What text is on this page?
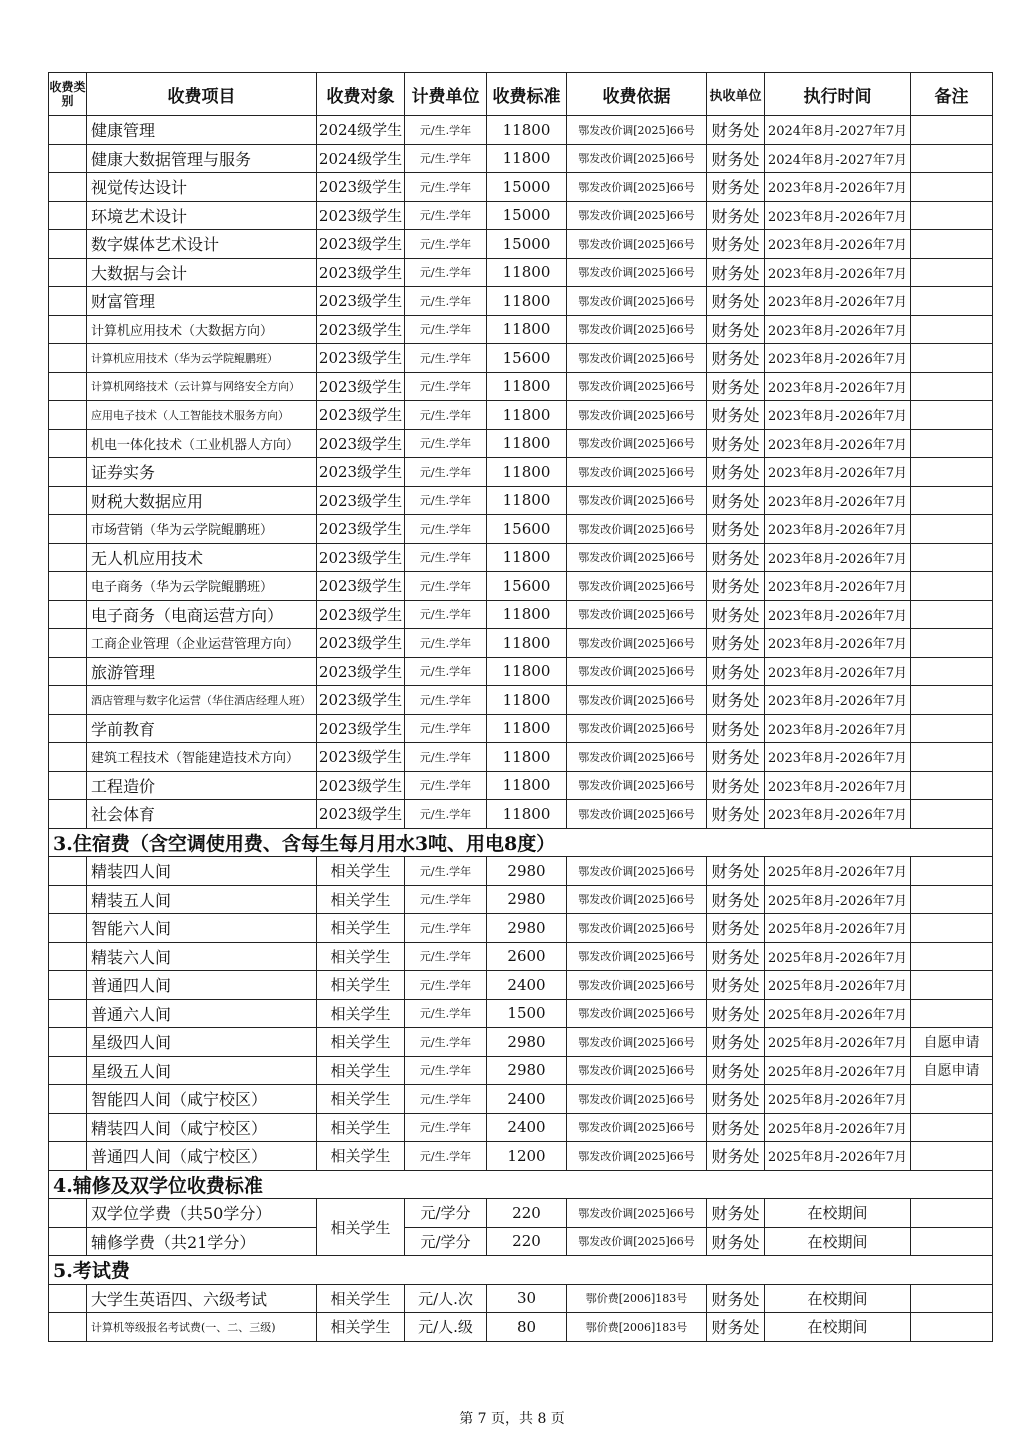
收费类别	收费项目	收费对象	计费单位	收费标准	收费依据	执收单位	执行时间	备注
	健康管理	2024级学生	元/生.学年	11800	鄂发改价调[2025]66号	财务处	2024年8月-2027年7月	
	健康大数据管理与服务	2024级学生	元/生.学年	11800	鄂发改价调[2025]66号	财务处	2024年8月-2027年7月	
	视觉传达设计	2023级学生	元/生.学年	15000	鄂发改价调[2025]66号	财务处	2023年8月-2026年7月	
	环境艺术设计	2023级学生	元/生.学年	15000	鄂发改价调[2025]66号	财务处	2023年8月-2026年7月	
	数字媒体艺术设计	2023级学生	元/生.学年	15000	鄂发改价调[2025]66号	财务处	2023年8月-2026年7月	
	大数据与会计	2023级学生	元/生.学年	11800	鄂发改价调[2025]66号	财务处	2023年8月-2026年7月	
	财富管理	2023级学生	元/生.学年	11800	鄂发改价调[2025]66号	财务处	2023年8月-2026年7月	
	计算机应用技术（大数据方向）	2023级学生	元/生.学年	11800	鄂发改价调[2025]66号	财务处	2023年8月-2026年7月	
	计算机应用技术（华为云学院鲲鹏班）	2023级学生	元/生.学年	15600	鄂发改价调[2025]66号	财务处	2023年8月-2026年7月	
	计算机网络技术（云计算与网络安全方向）	2023级学生	元/生.学年	11800	鄂发改价调[2025]66号	财务处	2023年8月-2026年7月	
	应用电子技术（人工智能技术服务方向）	2023级学生	元/生.学年	11800	鄂发改价调[2025]66号	财务处	2023年8月-2026年7月	
	机电一体化技术（工业机器人方向）	2023级学生	元/生.学年	11800	鄂发改价调[2025]66号	财务处	2023年8月-2026年7月	
	证券实务	2023级学生	元/生.学年	11800	鄂发改价调[2025]66号	财务处	2023年8月-2026年7月	
	财税大数据应用	2023级学生	元/生.学年	11800	鄂发改价调[2025]66号	财务处	2023年8月-2026年7月	
	市场营销（华为云学院鲲鹏班）	2023级学生	元/生.学年	15600	鄂发改价调[2025]66号	财务处	2023年8月-2026年7月	
	无人机应用技术	2023级学生	元/生.学年	11800	鄂发改价调[2025]66号	财务处	2023年8月-2026年7月	
	电子商务（华为云学院鲲鹏班）	2023级学生	元/生.学年	15600	鄂发改价调[2025]66号	财务处	2023年8月-2026年7月	
	电子商务（电商运营方向）	2023级学生	元/生.学年	11800	鄂发改价调[2025]66号	财务处	2023年8月-2026年7月	
	工商企业管理（企业运营管理方向）	2023级学生	元/生.学年	11800	鄂发改价调[2025]66号	财务处	2023年8月-2026年7月	
	旅游管理	2023级学生	元/生.学年	11800	鄂发改价调[2025]66号	财务处	2023年8月-2026年7月	
	酒店管理与数字化运营（华住酒店经理人班）	2023级学生	元/生.学年	11800	鄂发改价调[2025]66号	财务处	2023年8月-2026年7月	
	学前教育	2023级学生	元/生.学年	11800	鄂发改价调[2025]66号	财务处	2023年8月-2026年7月	
	建筑工程技术（智能建造技术方向）	2023级学生	元/生.学年	11800	鄂发改价调[2025]66号	财务处	2023年8月-2026年7月	
	工程造价	2023级学生	元/生.学年	11800	鄂发改价调[2025]66号	财务处	2023年8月-2026年7月	
	社会体育	2023级学生	元/生.学年	11800	鄂发改价调[2025]66号	财务处	2023年8月-2026年7月	
3.住宿费（含空调使用费、含每生每月用水3吨、用电8度）								
	精装四人间	相关学生	元/生.学年	2980	鄂发改价调[2025]66号	财务处	2025年8月-2026年7月	
	精装五人间	相关学生	元/生.学年	2980	鄂发改价调[2025]66号	财务处	2025年8月-2026年7月	
	智能六人间	相关学生	元/生.学年	2980	鄂发改价调[2025]66号	财务处	2025年8月-2026年7月	
	精装六人间	相关学生	元/生.学年	2600	鄂发改价调[2025]66号	财务处	2025年8月-2026年7月	
	普通四人间	相关学生	元/生.学年	2400	鄂发改价调[2025]66号	财务处	2025年8月-2026年7月	
	普通六人间	相关学生	元/生.学年	1500	鄂发改价调[2025]66号	财务处	2025年8月-2026年7月	
	星级四人间	相关学生	元/生.学年	2980	鄂发改价调[2025]66号	财务处	2025年8月-2026年7月	自愿申请
	星级五人间	相关学生	元/生.学年	2980	鄂发改价调[2025]66号	财务处	2025年8月-2026年7月	自愿申请
	智能四人间（咸宁校区）	相关学生	元/生.学年	2400	鄂发改价调[2025]66号	财务处	2025年8月-2026年7月	
	精装四人间（咸宁校区）	相关学生	元/生.学年	2400	鄂发改价调[2025]66号	财务处	2025年8月-2026年7月	
	普通四人间（咸宁校区）	相关学生	元/生.学年	1200	鄂发改价调[2025]66号	财务处	2025年8月-2026年7月	
4.辅修及双学位收费标准								
	双学位学费（共50学分）	相关学生	元/学分	220	鄂发改价调[2025]66号	财务处	在校期间	
	辅修学费（共21学分）		元/学分	220	鄂发改价调[2025]66号	财务处	在校期间	
5.考试费								
	大学生英语四、六级考试	相关学生	元/人.次	30	鄂价费[2006]183号	财务处	在校期间	
	计算机等级报名考试费(一、二、三级)	相关学生	元/人.级	80	鄂价费[2006]183号	财务处	在校期间	
第 7 页，共 8 页
